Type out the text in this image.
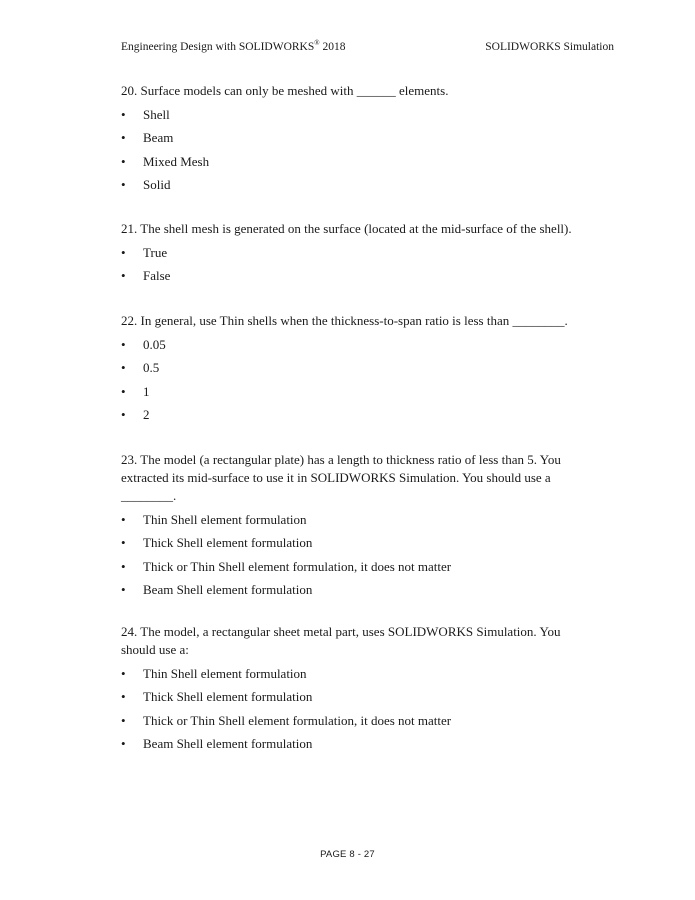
Engineering Design with SOLIDWORKS® 2018	SOLIDWORKS Simulation

20. Surface models can only be meshed with ______ elements.

• Shell
• Beam
• Mixed Mesh
• Solid

21. The shell mesh is generated on the surface (located at the mid-surface of the shell).

• True
• False

22. In general, use Thin shells when the thickness-to-span ratio is less than ________.

• 0.05
• 0.5
• 1
• 2

23. The model (a rectangular plate) has a length to thickness ratio of less than 5. You

extracted its mid-surface to use it in SOLIDWORKS Simulation. You should use a

________.

• Thin Shell element formulation
• Thick Shell element formulation
• Thick or Thin Shell element formulation, it does not matter
• Beam Shell element formulation

24. The model, a rectangular sheet metal part, uses SOLIDWORKS Simulation. You

should use a:

• Thin Shell element formulation
• Thick Shell element formulation
• Thick or Thin Shell element formulation, it does not matter
• Beam Shell element formulation
PAGE 8 - 27
